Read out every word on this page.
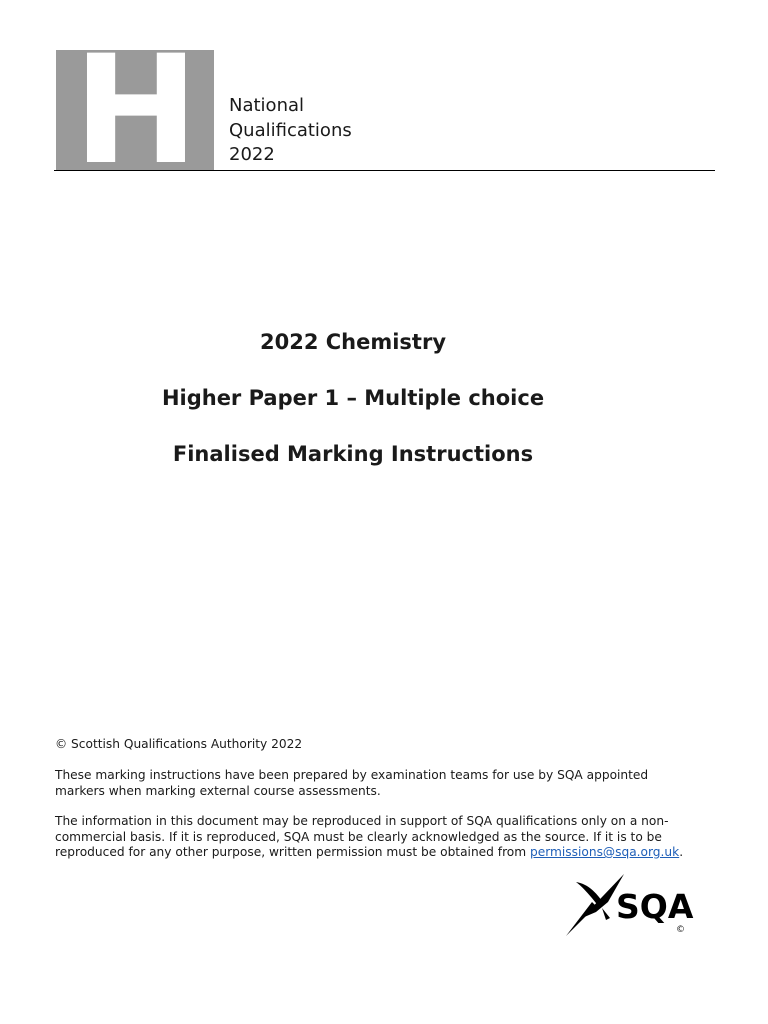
H	National
Qualifications
2022
2022 Chemistry
Higher Paper 1 – Multiple choice
Finalised Marking Instructions
© Scottish Qualifications Authority 2022
These marking instructions have been prepared by examination teams for use by SQA appointed
markers when marking external course assessments.
The information in this document may be reproduced in support of SQA qualifications only on a non-
commercial basis. If it is reproduced, SQA must be clearly acknowledged as the source. If it is to be
reproduced for any other purpose, written permission must be obtained from permissions@sqa.org.uk.
SQA
©
